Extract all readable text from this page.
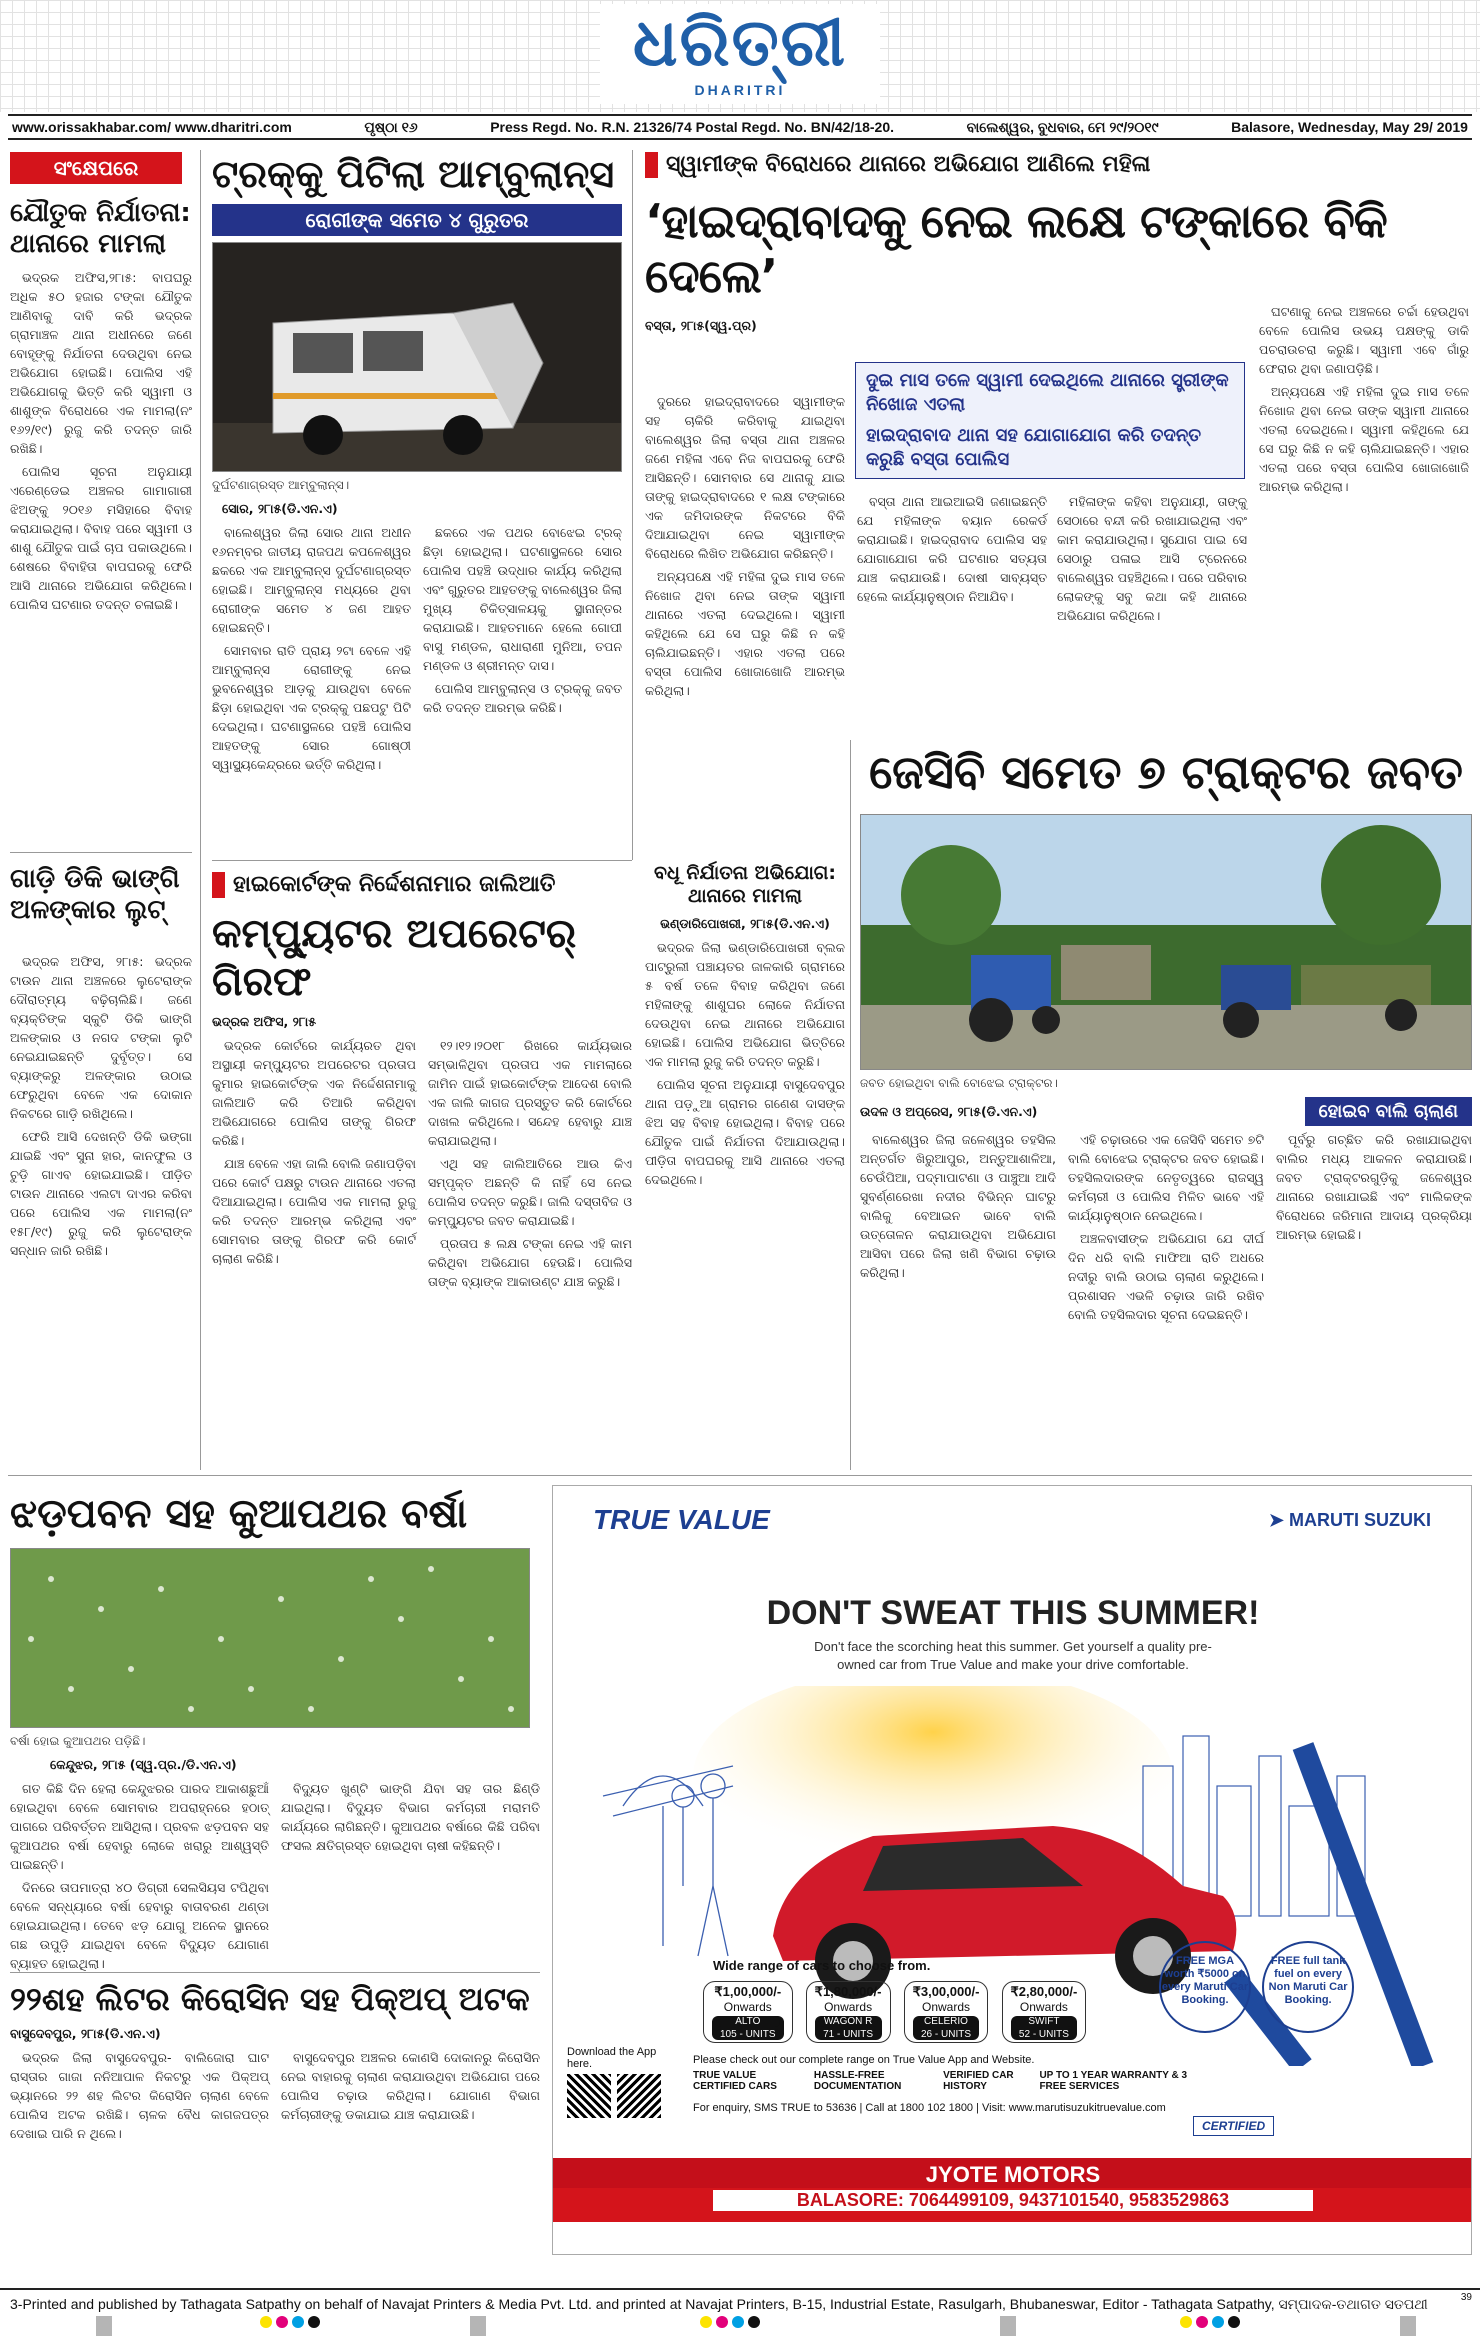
ଧରିତ୍ରୀ
DHARITRI
www.orissakhabar.com/ www.dharitri.com	ପୃଷ୍ଠା ୧୬	Press Regd. No. R.N. 21326/74 Postal Regd. No. BN/42/18-20.	ବାଲେଶ୍ୱର, ବୁଧବାର, ମେ ୨୯/୨୦୧୯	Balasore, Wednesday, May 29/ 2019
ସଂକ୍ଷେପରେ
ଯୌତୁକ ନିର୍ଯାତନା: ଥାନାରେ ମାମଲା

ଭଦ୍ରକ ଅଫିସ,୨୮ା୫: ବାପଘରୁ ଅଧିକ ୫୦ ହଜାର ଟଙ୍କା ଯୌତୁକ ଆଣିବାକୁ ଦାବି କରି ଭଦ୍ରକ ଗ୍ରାମାଞ୍ଚଳ ଥାନା ଅଧୀନରେ ଜଣେ ବୋହୂଙ୍କୁ ନିର୍ଯାତନା ଦେଉଥିବା ନେଇ ଅଭିଯୋଗ ହୋଇଛି। ପୋଲିସ ଏହି ଅଭିଯୋଗକୁ ଭିତ୍ତି କରି ସ୍ୱାମୀ ଓ ଶାଶୁଙ୍କ ବିରୋଧରେ ଏକ ମାମଲା(ନଂ ୧୬୨/୧୯) ରୁଜୁ କରି ତଦନ୍ତ ଜାରି ରଖିଛି।

ପୋଲିସ ସୂଚନା ଅନୁଯାୟୀ ଏରେଣ୍ଡେଇ ଅଞ୍ଚଳର ଗାମାଗାରୀ ଝିଅଙ୍କୁ ୨୦୧୬ ମସିହାରେ ବିବାହ କରାଯାଇଥିଲା। ବିବାହ ପରେ ସ୍ୱାମୀ ଓ ଶାଶୁ ଯୌତୁକ ପାଇଁ ଚାପ ପକାଉଥିଲେ। ଶେଷରେ ବିବାହିତା ବାପଘରକୁ ଫେରି ଆସି ଥାନାରେ ଅଭିଯୋଗ କରିଥିଲେ। ପୋଲିସ ଘଟଣାର ତଦନ୍ତ ଚଳାଇଛି।

ଗାଡ଼ି ଡିକି ଭାଙ୍ଗି ଅଳଙ୍କାର ଲୁଟ୍‌

ଭଦ୍ରକ ଅଫିସ, ୨୮ା୫: ଭଦ୍ରକ ଟାଉନ ଥାନା ଅଞ୍ଚଳରେ ଲୁଟେରାଙ୍କ ଦୌରାତ୍ମ୍ୟ ବଢ଼ିଚାଲିଛି। ଜଣେ ବ୍ୟକ୍ତିଙ୍କ ସ୍କୁଟି ଡିକି ଭାଙ୍ଗି ଅଳଙ୍କାର ଓ ନଗଦ ଟଙ୍କା ଲୁଟି ନେଇଯାଇଛନ୍ତି ଦୁର୍ବୃତ୍ତ। ସେ ବ୍ୟାଙ୍କରୁ ଅଳଙ୍କାର ଉଠାଇ ଫେରୁଥିବା ବେଳେ ଏକ ଦୋକାନ ନିକଟରେ ଗାଡ଼ି ରଖିଥିଲେ।

ଫେରି ଆସି ଦେଖନ୍ତି ଡିକି ଭଙ୍ଗା ଯାଇଛି ଏବଂ ସୁନା ହାର, କାନଫୁଲ ଓ ଚୁଡ଼ି ଗାଏବ ହୋଇଯାଇଛି। ପୀଡ଼ିତ ଟାଉନ ଥାନାରେ ଏଲଟା ଦାଏର କରିବା ପରେ ପୋଲିସ ଏକ ମାମଲା(ନଂ ୧୫୮/୧୯) ରୁଜୁ କରି ଲୁଟେରାଙ୍କ ସନ୍ଧାନ ଜାରି ରଖିଛି।

ଟ୍ରକ୍‌କୁ ପିଟିଲା ଆମ୍ବୁଲାନ୍ସ
ରୋଗୀଙ୍କ ସମେତ ୪ ଗୁରୁତର
ଦୁର୍ଘଟଣାଗ୍ରସ୍ତ ଆମ୍ବୁଲାନ୍ସ।
ସୋର, ୨୮ା୫(ଡି.ଏନ.ଏ)

ବାଲେଶ୍ୱର ଜିଲା ସୋର ଥାନା ଅଧୀନ ୧୬ନମ୍ବର ଜାତୀୟ ରାଜପଥ କପଳେଶ୍ୱର ଛକରେ ଏକ ଆମ୍ବୁଲାନ୍ସ ଦୁର୍ଘଟଣାଗ୍ରସ୍ତ ହୋଇଛି। ଆମ୍ବୁଲାନ୍ସ ମଧ୍ୟରେ ଥିବା ରୋଗୀଙ୍କ ସମେତ ୪ ଜଣ ଆହତ ହୋଇଛନ୍ତି।

ସୋମବାର ରାତି ପ୍ରାୟ ୨ଟା ବେଳେ ଏହି ଆମ୍ବୁଲାନ୍ସ ରୋଗୀଙ୍କୁ ନେଇ ଭୁବନେଶ୍ୱର ଆଡ଼କୁ ଯାଉଥିବା ବେଳେ ଛିଡ଼ା ହୋଇଥିବା ଏକ ଟ୍ରକ୍‌କୁ ପଛପଟୁ ପିଟି ଦେଇଥିଲା। ଘଟଣାସ୍ଥଳରେ ପହଞ୍ଚି ପୋଲିସ ଆହତଙ୍କୁ ସୋର ଗୋଷ୍ଠୀ ସ୍ୱାସ୍ଥ୍ୟକେନ୍ଦ୍ରରେ ଭର୍ତ୍ତି କରିଥିଲା।

ଛକରେ ଏକ ପଥର ବୋଝେଇ ଟ୍ରକ୍ ଛିଡ଼ା ହୋଇଥିଲା। ଘଟଣାସ୍ଥଳରେ ସୋର ପୋଲିସ ପହଞ୍ଚି ଉଦ୍ଧାର କାର୍ଯ୍ୟ କରିଥିଲା ଏବଂ ଗୁରୁତର ଆହତଙ୍କୁ ବାଲେଶ୍ୱର ଜିଲା ମୁଖ୍ୟ ଚିକିତ୍ସାଳୟକୁ ସ୍ଥାନାନ୍ତର କରାଯାଇଛି। ଆହତମାନେ ହେଲେ ଗୋପୀ ବାସୁ ମଣ୍ଡଳ, ରାଧାରାଣୀ ମୁନିଆ, ତପନ ମଣ୍ଡଳ ଓ ଶ୍ରୀମନ୍ତ ଦାସ।

ପୋଲିସ ଆମ୍ବୁଲାନ୍ସ ଓ ଟ୍ରକ୍‌କୁ ଜବତ କରି ତଦନ୍ତ ଆରମ୍ଭ କରିଛି।

ସ୍ୱାମୀଙ୍କ ବିରୋଧରେ ଥାନାରେ ଅଭିଯୋଗ ଆଣିଲେ ମହିଳା
‘ହାଇଦ୍ରାବାଦକୁ ନେଇ ଲକ୍ଷେ ଟଙ୍କାରେ ବିକି ଦେଲେ’
ବସ୍ତା, ୨୮ା୫(ସ୍ୱ.ପ୍ର)
ଦୁଇ ମାସ ତଳେ ସ୍ୱାମୀ ଦେଇଥିଲେ ଥାନାରେ ସ୍ତ୍ରୀଙ୍କ ନିଖୋଜ ଏତଲା
ହାଇଦ୍ରାବାଦ ଥାନା ସହ ଯୋଗାଯୋଗ କରି ତଦନ୍ତ କରୁଛି ବସ୍ତା ପୋଲିସ

ଦୁରରେ ହାଇଦ୍ରାବାଦରେ ସ୍ୱାମୀଙ୍କ ସହ ଚାକିରି କରିବାକୁ ଯାଇଥିବା ବାଲେଶ୍ୱର ଜିଲା ବସ୍ତା ଥାନା ଅଞ୍ଚଳର ଜଣେ ମହିଳା ଏବେ ନିଜ ବାପଘରକୁ ଫେରି ଆସିଛନ୍ତି। ସୋମବାର ସେ ଥାନାକୁ ଯାଇ ତାଙ୍କୁ ହାଇଦ୍ରାବାଦରେ ୧ ଲକ୍ଷ ଟଙ୍କାରେ ଏକ ଜମିଦାରଙ୍କ ନିକଟରେ ବିକି ଦିଆଯାଇଥିବା ନେଇ ସ୍ୱାମୀଙ୍କ ବିରୋଧରେ ଲିଖିତ ଅଭିଯୋଗ କରିଛନ୍ତି।

ଅନ୍ୟପକ୍ଷେ ଏହି ମହିଳା ଦୁଇ ମାସ ତଳେ ନିଖୋଜ ଥିବା ନେଇ ତାଙ୍କ ସ୍ୱାମୀ ଥାନାରେ ଏତଲା ଦେଇଥିଲେ। ସ୍ୱାମୀ କହିଥିଲେ ଯେ ସେ ଘରୁ କିଛି ନ କହି ଚାଲିଯାଇଛନ୍ତି। ଏହାର ଏତଲା ପରେ ବସ୍ତା ପୋଲିସ ଖୋଜାଖୋଜି ଆରମ୍ଭ କରିଥିଲା।

ବସ୍ତା ଥାନା ଆଇଆଇସି ଜଣାଇଛନ୍ତି ଯେ ମହିଳାଙ୍କ ବୟାନ ରେକର୍ଡ କରାଯାଇଛି। ହାଇଦ୍ରାବାଦ ପୋଲିସ ସହ ଯୋଗାଯୋଗ କରି ଘଟଣାର ସତ୍ୟତା ଯାଞ୍ଚ କରାଯାଉଛି। ଦୋଷୀ ସାବ୍ୟସ୍ତ ହେଲେ କାର୍ଯ୍ୟାନୁଷ୍ଠାନ ନିଆଯିବ।

ମହିଳାଙ୍କ କହିବା ଅନୁଯାୟୀ, ତାଙ୍କୁ ସେଠାରେ ବନ୍ଦୀ କରି ରଖାଯାଇଥିଲା ଏବଂ କାମ କରାଯାଉଥିଲା। ସୁଯୋଗ ପାଇ ସେ ସେଠାରୁ ପଳାଇ ଆସି ଟ୍ରେନରେ ବାଲେଶ୍ୱର ପହଞ୍ଚିଥିଲେ। ପରେ ପରିବାର ଲୋକଙ୍କୁ ସବୁ କଥା କହି ଥାନାରେ ଅଭିଯୋଗ କରିଥିଲେ।

ଘଟଣାକୁ ନେଇ ଅଞ୍ଚଳରେ ଚର୍ଚ୍ଚା ହେଉଥିବା ବେଳେ ପୋଲିସ ଉଭୟ ପକ୍ଷଙ୍କୁ ଡାକି ପଚରାଉଚରା କରୁଛି। ସ୍ୱାମୀ ଏବେ ଗାଁରୁ ଫେରାର ଥିବା ଜଣାପଡ଼ିଛି।

ଅନ୍ୟପକ୍ଷେ ଏହି ମହିଳା ଦୁଇ ମାସ ତଳେ ନିଖୋଜ ଥିବା ନେଇ ତାଙ୍କ ସ୍ୱାମୀ ଥାନାରେ ଏତଲା ଦେଇଥିଲେ। ସ୍ୱାମୀ କହିଥିଲେ ଯେ ସେ ଘରୁ କିଛି ନ କହି ଚାଲିଯାଇଛନ୍ତି। ଏହାର ଏତଲା ପରେ ବସ୍ତା ପୋଲିସ ଖୋଜାଖୋଜି ଆରମ୍ଭ କରିଥିଲା।

ବଧୂ ନିର୍ଯାତନା ଅଭିଯୋଗ: ଥାନାରେ ମାମଲା
ଭଣ୍ଡାରିପୋଖରୀ, ୨୮ା୫(ଡି.ଏନ.ଏ)

ଭଦ୍ରକ ଜିଲା ଭଣ୍ଡାରିପୋଖରୀ ବ୍ଲକ ପାଟ୍ରୁଲୀ ପଞ୍ଚାୟତର ଜାଳକାରି ଗ୍ରାମରେ ୫ ବର୍ଷ ତଳେ ବିବାହ କରିଥିବା ଜଣେ ମହିଳାଙ୍କୁ ଶାଶୁଘର ଲୋକେ ନିର୍ଯାତନା ଦେଉଥିବା ନେଇ ଥାନାରେ ଅଭିଯୋଗ ହୋଇଛି। ପୋଲିସ ଅଭିଯୋଗ ଭିତ୍ତିରେ ଏକ ମାମଲା ରୁଜୁ କରି ତଦନ୍ତ କରୁଛି।

ପୋଲିସ ସୂଚନା ଅନୁଯାୟୀ ବାସୁଦେବପୁର ଥାନା ପଡ଼ୁଆ ଗ୍ରାମର ଗଣେଶ ଦାସଙ୍କ ଝିଅ ସହ ବିବାହ ହୋଇଥିଲା। ବିବାହ ପରେ ଯୌତୁକ ପାଇଁ ନିର୍ଯାତନା ଦିଆଯାଉଥିଲା। ପୀଡ଼ିତା ବାପଘରକୁ ଆସି ଥାନାରେ ଏତଲା ଦେଇଥିଲେ।

ଜେସିବି ସମେତ ୭ ଟ୍ରାକ୍ଟର ଜବତ
ଜବତ ହୋଇଥିବା ବାଲି ବୋଝେଇ ଟ୍ରାକ୍ଟର।
ଉଦଳ ଓ ଅପ୍ରେସ, ୨୮ା୫(ଡି.ଏନ.ଏ)	ହୋଇବ ବାଲି ଚାଲାଣ

ବାଲେଶ୍ୱର ଜିଲା ଜଳେଶ୍ୱର ତହସିଲ ଅନ୍ତର୍ଗତ ଖିରୁଆପୁର, ଅନ୍ତୁଆଶାଳିଆ, ଚେଉଁପିଆ, ପଦ୍ମାପାଟଣା ଓ ପାଞ୍ଚୁଆ ଆଦି ସୁବର୍ଣ୍ଣରେଖା ନଦୀର ବିଭିନ୍ନ ଘାଟରୁ ବାଲିକୁ ବେଆଇନ ଭାବେ ବାଲି ଉତ୍ତୋଳନ କରାଯାଉଥିବା ଅଭିଯୋଗ ଆସିବା ପରେ ଜିଲା ଖଣି ବିଭାଗ ଚଢ଼ାଉ କରିଥିଲା।

ଏହି ଚଢ଼ାଉରେ ଏକ ଜେସିବି ସମେତ ୭ଟି ବାଲି ବୋଝେଇ ଟ୍ରାକ୍ଟର ଜବତ ହୋଇଛି। ତହସିଲଦାରଙ୍କ ନେତୃତ୍ୱରେ ରାଜସ୍ୱ କର୍ମଚାରୀ ଓ ପୋଲିସ ମିଳିତ ଭାବେ ଏହି କାର୍ଯ୍ୟାନୁଷ୍ଠାନ ନେଇଥିଲେ।

ଅଞ୍ଚଳବାସୀଙ୍କ ଅଭିଯୋଗ ଯେ ଦୀର୍ଘ ଦିନ ଧରି ବାଲି ମାଫିଆ ରାତି ଅଧରେ ନଦୀରୁ ବାଲି ଉଠାଇ ଚାଲାଣ କରୁଥିଲେ। ପ୍ରଶାସନ ଏଭଳି ଚଢ଼ାଉ ଜାରି ରଖିବ ବୋଲି ତହସିଲଦାର ସୂଚନା ଦେଇଛନ୍ତି।

ପୂର୍ବରୁ ଗଚ୍ଛିତ କରି ରଖାଯାଇଥିବା ବାଲିର ମଧ୍ୟ ଆକଳନ କରାଯାଉଛି। ଜବତ ଟ୍ରାକ୍ଟରଗୁଡ଼ିକୁ ଜଳେଶ୍ୱର ଥାନାରେ ରଖାଯାଇଛି ଏବଂ ମାଲିକଙ୍କ ବିରୋଧରେ ଜରିମାନା ଆଦାୟ ପ୍ରକ୍ରିୟା ଆରମ୍ଭ ହୋଇଛି।

ହାଇକୋର୍ଟଙ୍କ ନିର୍ଦ୍ଦେଶନାମାର ଜାଲିଆତି
କମ୍ପ୍ୟୁଟର ଅପରେଟର୍‌ ଗିରଫ
ଭଦ୍ରକ ଅଫିସ, ୨୮ା୫

ଭଦ୍ରକ କୋର୍ଟରେ କାର୍ଯ୍ୟରତ ଥିବା ଅସ୍ଥାୟୀ କମ୍ପ୍ୟୁଟର ଅପରେଟର ପ୍ରତାପ କୁମାର ହାଇକୋର୍ଟଙ୍କ ଏକ ନିର୍ଦ୍ଦେଶନାମାକୁ ଜାଲିଆତି କରି ତିଆରି କରିଥିବା ଅଭିଯୋଗରେ ପୋଲିସ ତାଙ୍କୁ ଗିରଫ କରିଛି।

ଯାଞ୍ଚ ବେଳେ ଏହା ଜାଲି ବୋଲି ଜଣାପଡ଼ିବା ପରେ କୋର୍ଟ ପକ୍ଷରୁ ଟାଉନ ଥାନାରେ ଏତଲା ଦିଆଯାଇଥିଲା। ପୋଲିସ ଏକ ମାମଲା ରୁଜୁ କରି ତଦନ୍ତ ଆରମ୍ଭ କରିଥିଲା ଏବଂ ସୋମବାର ତାଙ୍କୁ ଗିରଫ କରି କୋର୍ଟ ଚାଲାଣ କରିଛି।

୧୨।୧୨।୨୦୧୮ ରିଖରେ କାର୍ଯ୍ୟଭାର ସମ୍ଭାଳିଥିବା ପ୍ରତାପ ଏକ ମାମଲାରେ ଜାମିନ ପାଇଁ ହାଇକୋର୍ଟଙ୍କ ଆଦେଶ ବୋଲି ଏକ ଜାଲି କାଗଜ ପ୍ରସ୍ତୁତ କରି କୋର୍ଟରେ ଦାଖଲ କରିଥିଲେ। ସନ୍ଦେହ ହେବାରୁ ଯାଞ୍ଚ କରାଯାଇଥିଲା।

ଏଥି ସହ ଜାଲିଆତିରେ ଆଉ କିଏ ସମ୍ପୃକ୍ତ ଅଛନ୍ତି କି ନାହିଁ ସେ ନେଇ ପୋଲିସ ତଦନ୍ତ କରୁଛି। ଜାଲି ଦସ୍ତାବିଜ ଓ କମ୍ପ୍ୟୁଟର ଜବତ କରାଯାଇଛି।

ପ୍ରତାପ ୫ ଲକ୍ଷ ଟଙ୍କା ନେଇ ଏହି କାମ କରିଥିବା ଅଭିଯୋଗ ହେଉଛି। ପୋଲିସ ତାଙ୍କ ବ୍ୟାଙ୍କ ଆକାଉଣ୍ଟ ଯାଞ୍ଚ କରୁଛି।

ଝଡ଼ପବନ ସହ କୁଆପଥର ବର୍ଷା
ବର୍ଷା ହୋଇ କୁଆପଥର ପଡ଼ିଛି।
କେନ୍ଦୁଝର, ୨୮ା୫ (ସ୍ୱ.ପ୍ର./ଡି.ଏନ.ଏ)

ଗତ କିଛି ଦିନ ହେଲା କେନ୍ଦୁଝରର ପାରଦ ଆକାଶଛୁଆଁ ହୋଇଥିବା ବେଳେ ସୋମବାର ଅପରାହ୍ନରେ ହଠାତ୍ ପାଗରେ ପରିବର୍ତ୍ତନ ଆସିଥିଲା। ପ୍ରବଳ ଝଡ଼ପବନ ସହ କୁଆପଥର ବର୍ଷା ହେବାରୁ ଲୋକେ ଖରାରୁ ଆଶ୍ୱସ୍ତି ପାଇଛନ୍ତି।

ଦିନରେ ତାପମାତ୍ରା ୪୦ ଡିଗ୍ରୀ ସେଲସିୟସ ଟପିଥିବା ବେଳେ ସନ୍ଧ୍ୟାରେ ବର୍ଷା ହେବାରୁ ବାତାବରଣ ଥଣ୍ଡା ହୋଇଯାଇଥିଲା। ତେବେ ଝଡ଼ ଯୋଗୁ ଅନେକ ସ୍ଥାନରେ ଗଛ ଉପୁଡ଼ି ଯାଇଥିବା ବେଳେ ବିଦ୍ୟୁତ ଯୋଗାଣ ବ୍ୟାହତ ହୋଇଥିଲା।

ବିଦ୍ୟୁତ ଖୁଣ୍ଟି ଭାଙ୍ଗି ଯିବା ସହ ତାର ଛିଣ୍ଡି ଯାଇଥିଲା। ବିଦ୍ୟୁତ ବିଭାଗ କର୍ମଚାରୀ ମରାମତି କାର୍ଯ୍ୟରେ ଲାଗିଛନ୍ତି। କୁଆପଥର ବର୍ଷାରେ କିଛି ପରିବା ଫସଲ କ୍ଷତିଗ୍ରସ୍ତ ହୋଇଥିବା ଚାଷୀ କହିଛନ୍ତି।

୨୨ଶହ ଲିଟର କିରୋସିନ ସହ ପିକ୍‌ଅପ୍‌ ଅଟକ
ବାସୁଦେବପୁର, ୨୮ା୫(ଡି.ଏନ.ଏ)

ଭଦ୍ରକ ଜିଲା ବାସୁଦେବପୁର- ବାଲିଜୋରା ଘାଟ ରାସ୍ତାର ଗାଜା ନନିଆପାଳ ନିକଟରୁ ଏକ ପିକ୍‌ଅପ୍ ଭ୍ୟାନରେ ୨୨ ଶହ ଲିଟର କିରୋସିନ ଚାଲାଣ ବେଳେ ପୋଲିସ ଅଟକ ରଖିଛି। ଚାଳକ ବୈଧ କାଗଜପତ୍ର ଦେଖାଇ ପାରି ନ ଥିଲେ।

ବାସୁଦେବପୁର ଅଞ୍ଚଳର କୋଣସି ଦୋକାନରୁ କିରୋସିନ ନେଇ ବାହାରକୁ ଚାଲାଣ କରାଯାଉଥିବା ଅଭିଯୋଗ ପରେ ପୋଲିସ ଚଢ଼ାଉ କରିଥିଲା। ଯୋଗାଣ ବିଭାଗ କର୍ମଚାରୀଙ୍କୁ ଡକାଯାଇ ଯାଞ୍ଚ କରାଯାଉଛି।

TRUE VALUE	➤ MARUTI SUZUKI
DON'T SWEAT THIS SUMMER!
Don't face the scorching heat this summer. Get yourself a quality pre-owned car from True Value and make your drive comfortable.
Wide range of cars to choose from.
₹1,00,000/-
Onwards
ALTO
105 - UNITS

₹1,80,000/-
Onwards
WAGON R
71 - UNITS

₹3,00,000/-
Onwards
CELERIO
26 - UNITS

₹2,80,000/-
Onwards
SWIFT
52 - UNITS
FREE MGA worth ₹5000 on every Maruti Car Booking. FREE full tank fuel on every Non Maruti Car Booking.
Download the App here.	Please check out our complete range on True Value App and Website.
TRUE VALUE CERTIFIED CARS
HASSLE-FREE DOCUMENTATION
VERIFIED CAR HISTORY
UP TO 1 YEAR WARRANTY & 3 FREE SERVICES
For enquiry, SMS TRUE to 53636 | Call at 1800 102 1800 | Visit: www.marutisuzukitruevalue.com
CERTIFIED
JYOTE MOTORS
BALASORE: 7064499109, 9437101540, 9583529863
3-Printed and published by Tathagata Satpathy on behalf of Navajat Printers & Media Pvt. Ltd. and printed at Navajat Printers, B-15, Industrial Estate, Rasulgarh, Bhubaneswar, Editor - Tathagata Satpathy, ସମ୍ପାଦକ-ତଥାଗତ ସତପଥୀ	39
